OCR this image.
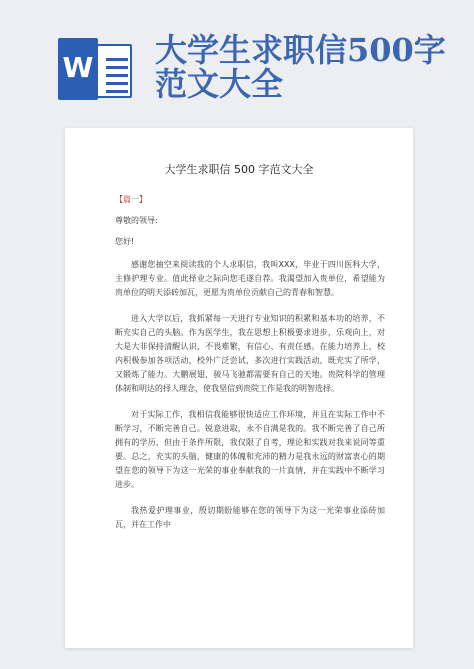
W 大学生求职信500字范文大全
大学生求职信 500 字范文大全
【篇一】
尊敬的领导:
您好!

感谢您抽空来阅读我的个人求职信，我叫XXX，毕业于四川医科大学，主修护理专业。值此择业之际向您毛遂自荐。我渴望加入贵单位，希望能为贵单位的明天添砖加瓦，更愿为贵单位贡献自己的青春和智慧。

进入大学以后，我抓紧每一天进行专业知识的积累和基本功的培养，不断充实自己的头脑。作为医学生，我在思想上积极要求进步，乐观向上，对大是大非保持清醒认识，不畏难繁，有信心、有责任感。在能力培养上，校内积极参加各项活动，校外广泛尝试，多次进行实践活动，既充实了所学，又锻炼了能力。大鹏展翅，骏马飞驰都需要有自己的天地。贵院科学的管理体制和明达的择人理念，使我坚信到贵院工作是我的明智选择。

对于实际工作，我相信我能够很快适应工作环境，并且在实际工作中不断学习，不断完善自己。锐意进取，永不自满是我的。我不断完善了自己所拥有的学历，但由于条件所限，我仅限了自考，理论和实践对我来说同等重要。总之，充实的头脑，健康的体魄和充沛的精力是我永远的财富衷心的期望在您的领导下为这一光荣的事业奉献我的一片真情，并在实践中不断学习进步。

我热爱护理事业，殷切期盼能够在您的领导下为这一光荣事业添砖加瓦，并在工作中
